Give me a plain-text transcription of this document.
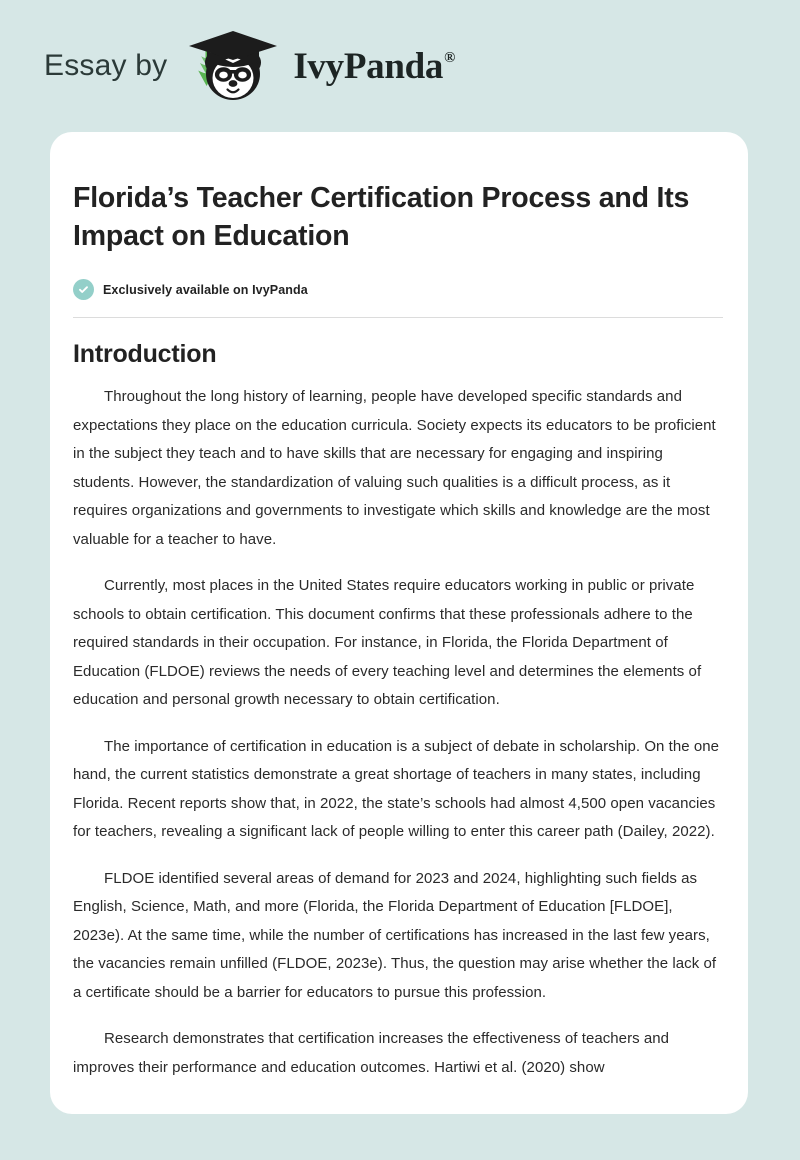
Essay by	IvyPanda®
Florida’s Teacher Certification Process and Its Impact on Education
Exclusively available on IvyPanda
Introduction

Throughout the long history of learning, people have developed specific standards and expectations they place on the education curricula. Society expects its educators to be proficient in the subject they teach and to have skills that are necessary for engaging and inspiring students. However, the standardization of valuing such qualities is a difficult process, as it requires organizations and governments to investigate which skills and knowledge are the most valuable for a teacher to have.

Currently, most places in the United States require educators working in public or private schools to obtain certification. This document confirms that these professionals adhere to the required standards in their occupation. For instance, in Florida, the Florida Department of Education (FLDOE) reviews the needs of every teaching level and determines the elements of education and personal growth necessary to obtain certification.

The importance of certification in education is a subject of debate in scholarship. On the one hand, the current statistics demonstrate a great shortage of teachers in many states, including Florida. Recent reports show that, in 2022, the state’s schools had almost 4,500 open vacancies for teachers, revealing a significant lack of people willing to enter this career path (Dailey, 2022).

FLDOE identified several areas of demand for 2023 and 2024, highlighting such fields as English, Science, Math, and more (Florida, the Florida Department of Education [FLDOE], 2023e). At the same time, while the number of certifications has increased in the last few years, the vacancies remain unfilled (FLDOE, 2023e). Thus, the question may arise whether the lack of a certificate should be a barrier for educators to pursue this profession.

Research demonstrates that certification increases the effectiveness of teachers and improves their performance and education outcomes. Hartiwi et al. (2020) show
